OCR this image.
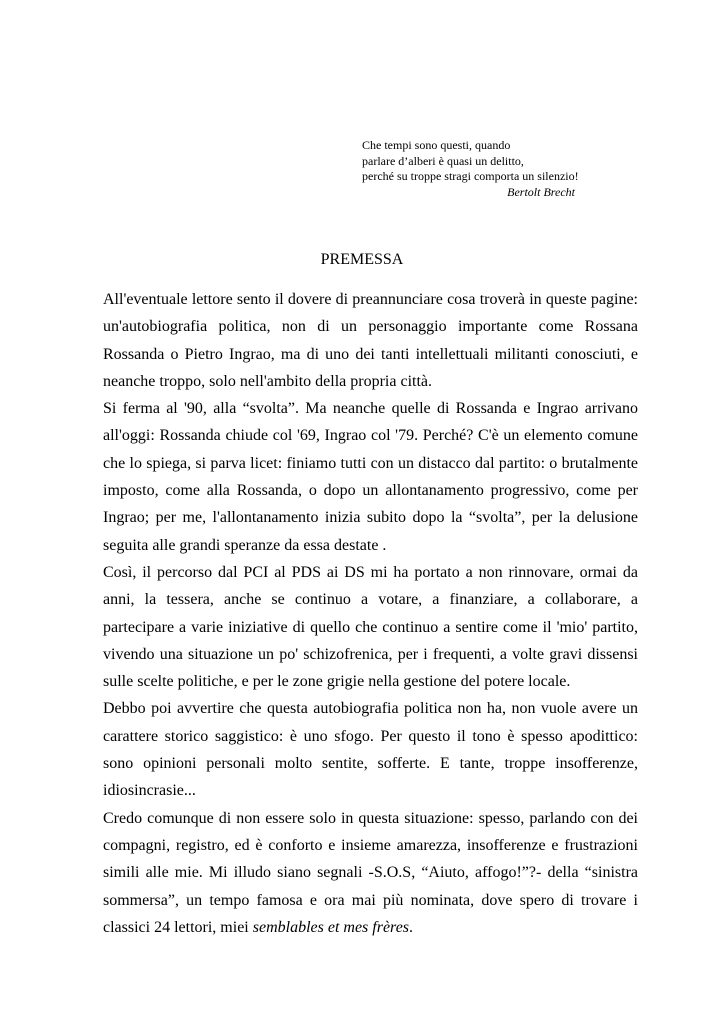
Che tempi sono questi, quando
parlare d’alberi è quasi un delitto,
perché su troppe stragi comporta un silenzio!
Bertolt Brecht
PREMESSA

All'eventuale lettore sento il dovere di preannunciare cosa troverà in queste pagine: un'autobiografia politica, non di un personaggio importante come Rossana Rossanda o Pietro Ingrao, ma di uno dei tanti intellettuali militanti conosciuti, e neanche troppo, solo nell'ambito della propria città.

Si ferma al '90, alla “svolta”. Ma neanche quelle di Rossanda e Ingrao arrivano all'oggi: Rossanda chiude col '69, Ingrao col '79. Perché? C'è un elemento comune che lo spiega, si parva licet: finiamo tutti con un distacco dal partito: o brutalmente imposto, come alla Rossanda, o dopo un allontanamento progressivo, come per Ingrao; per me, l'allontanamento inizia subito dopo la “svolta”, per la delusione seguita alle grandi speranze da essa destate .

Così, il percorso dal PCI al PDS ai DS mi ha portato a non rinnovare, ormai da anni, la tessera, anche se continuo a votare, a finanziare, a collaborare, a partecipare a varie iniziative di quello che continuo a sentire come il 'mio' partito, vivendo una situazione un po' schizofrenica, per i frequenti, a volte gravi dissensi sulle scelte politiche, e per le zone grigie nella gestione del potere locale.

Debbo poi avvertire che questa autobiografia politica non ha, non vuole avere un carattere storico saggistico: è uno sfogo. Per questo il tono è spesso apodittico: sono opinioni personali molto sentite, sofferte. E tante, troppe insofferenze, idiosincrasie...

Credo comunque di non essere solo in questa situazione: spesso, parlando con dei compagni, registro, ed è conforto e insieme amarezza, insofferenze e frustrazioni simili alle mie. Mi illudo siano segnali -S.O.S, “Aiuto, affogo!”?- della “sinistra sommersa”, un tempo famosa e ora mai più nominata, dove spero di trovare i classici 24 lettori, miei semblables et mes frères.
